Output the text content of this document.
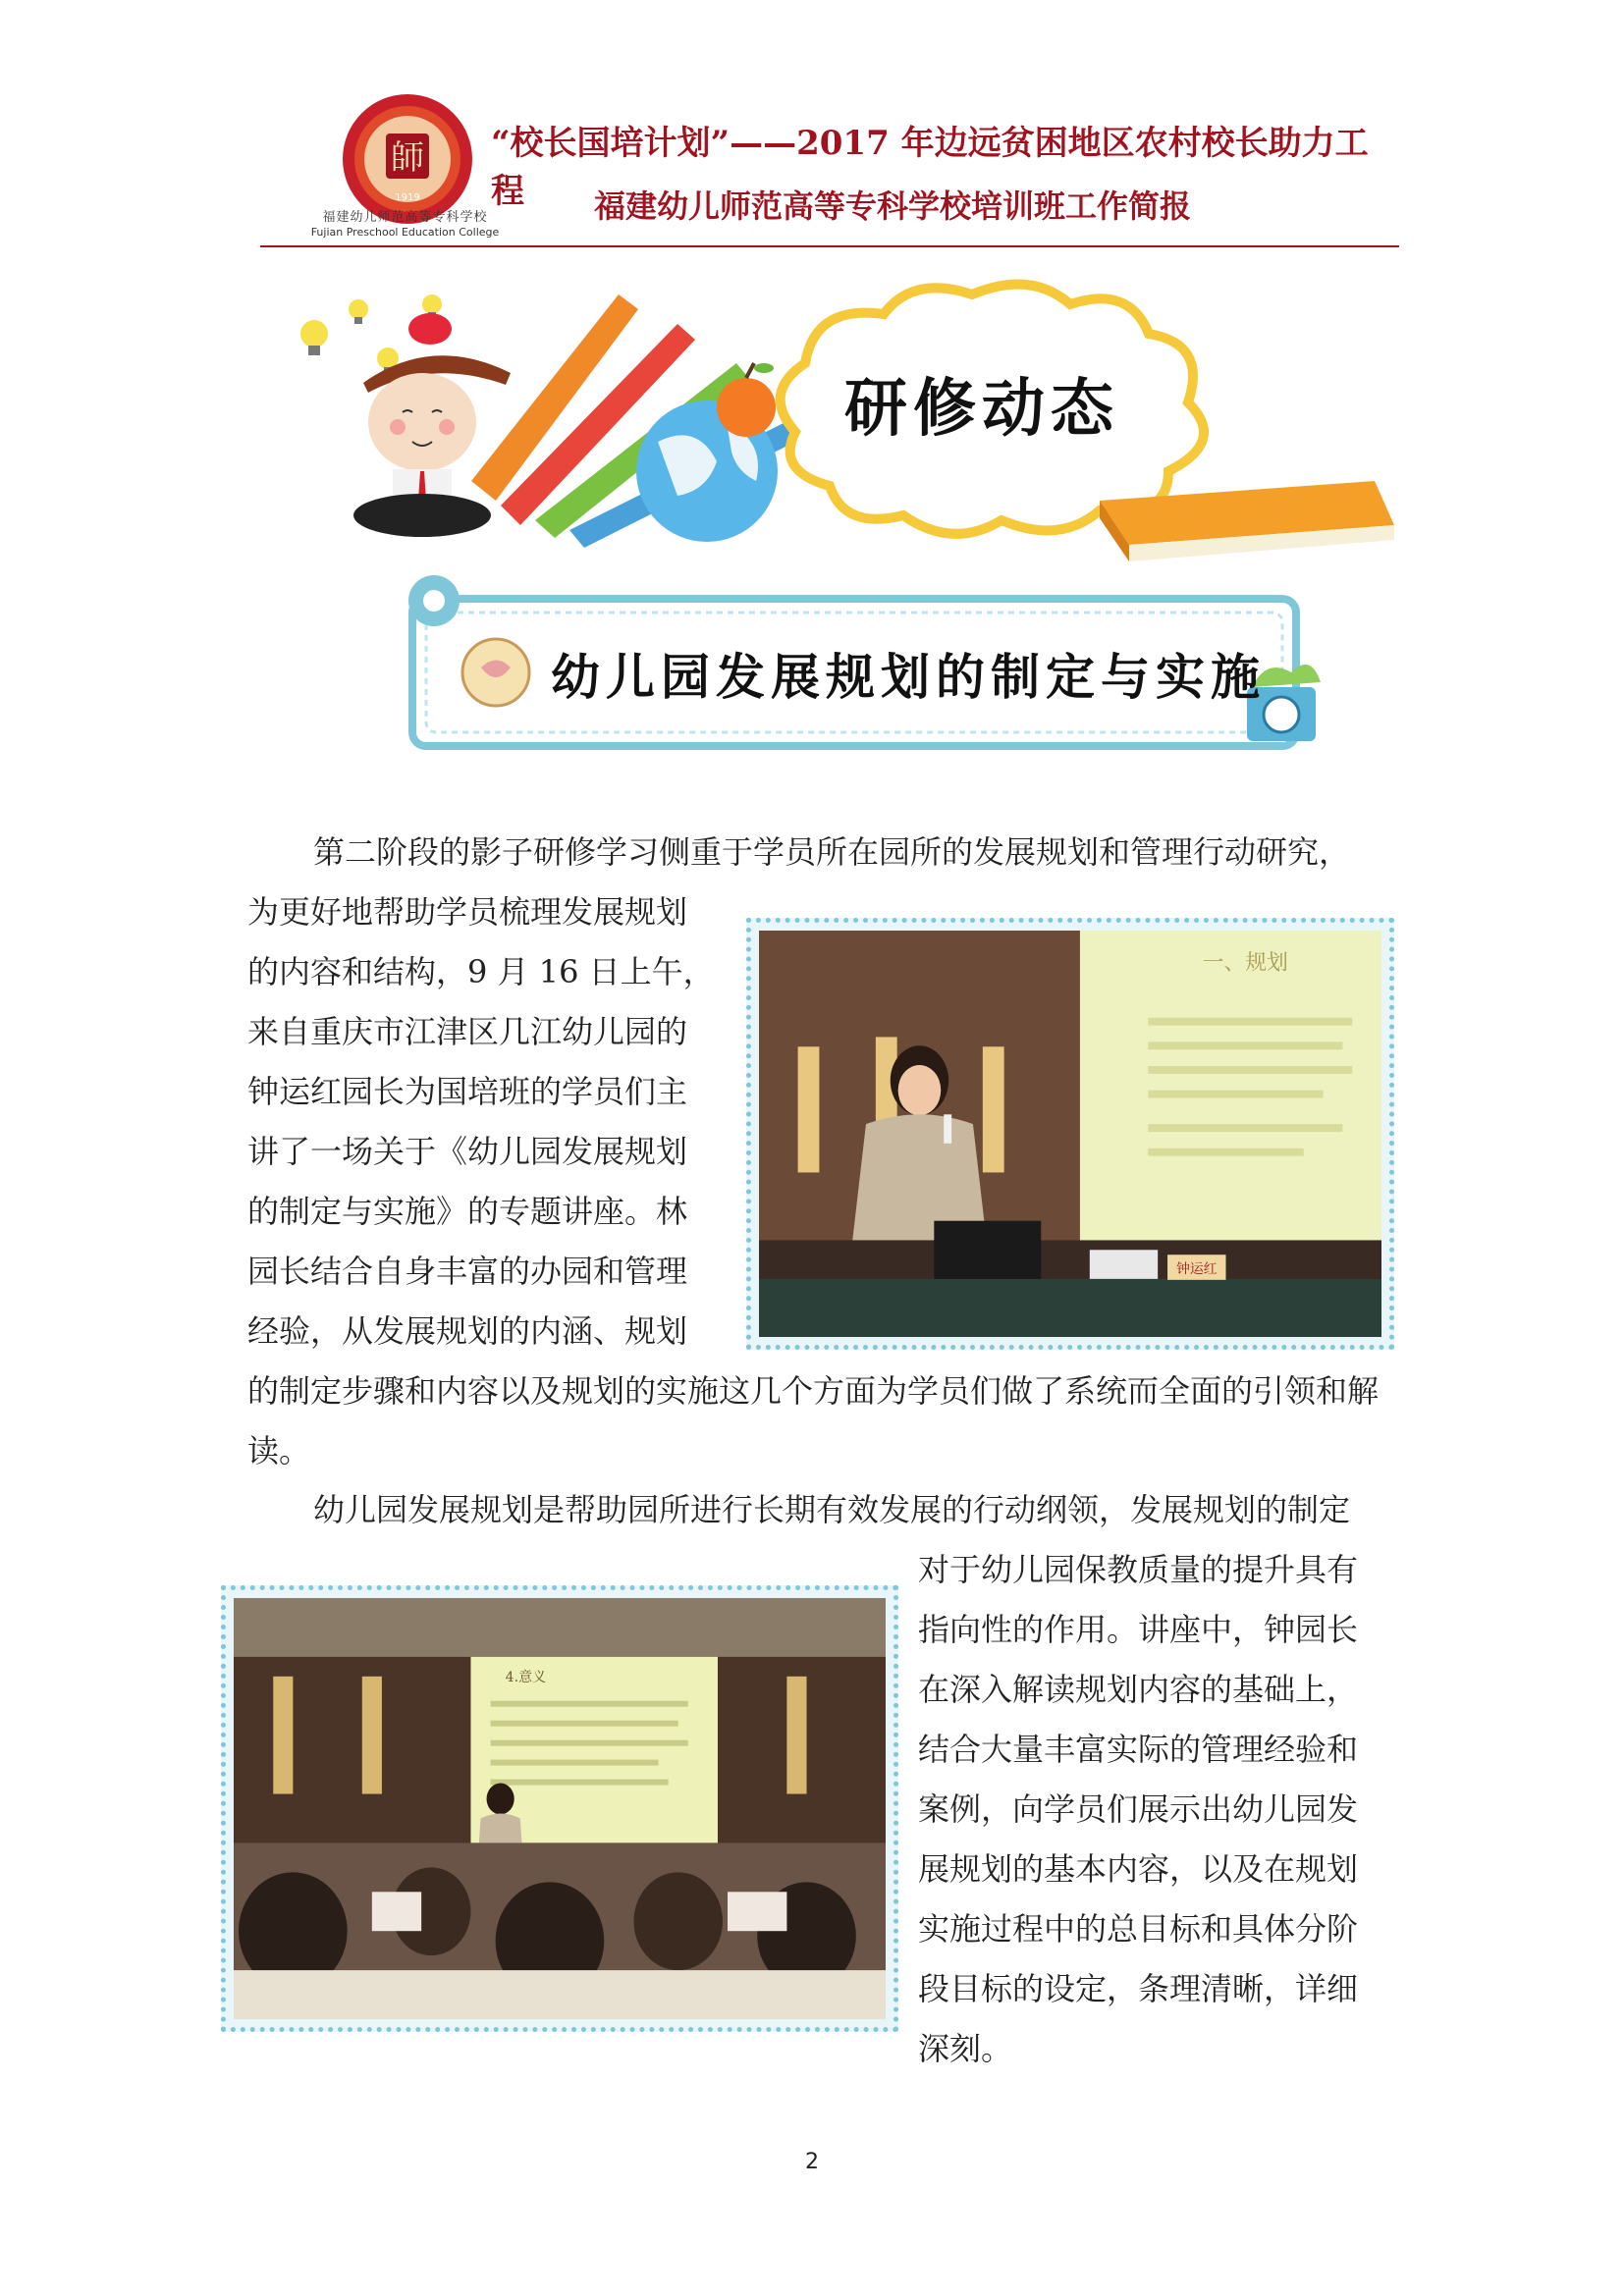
師
1919
福建幼儿师范高等专科学校
Fujian Preschool Education College
“校长国培计划”——2017 年边远贫困地区农村校长助力工程	福建幼儿师范高等专科学校培训班工作简报
研修动态
幼儿园发展规划的制定与实施
第二阶段的影子研修学习侧重于学员所在园所的发展规划和管理行动研究，
为更好地帮助学员梳理发展规划
的内容和结构，9 月 16 日上午，
来自重庆市江津区几江幼儿园的
钟运红园长为国培班的学员们主
讲了一场关于《幼儿园发展规划
的制定与实施》的专题讲座。林
园长结合自身丰富的办园和管理
经验，从发展规划的内涵、规划
的制定步骤和内容以及规划的实施这几个方面为学员们做了系统而全面的引领和解读。
一、规划
钟运红
幼儿园发展规划是帮助园所进行长期有效发展的行动纲领，发展规划的制定
对于幼儿园保教质量的提升具有
指向性的作用。讲座中，钟园长
在深入解读规划内容的基础上，
结合大量丰富实际的管理经验和
案例，向学员们展示出幼儿园发
展规划的基本内容，以及在规划
实施过程中的总目标和具体分阶
段目标的设定，条理清晰，详细
深刻。
4.意义
2
